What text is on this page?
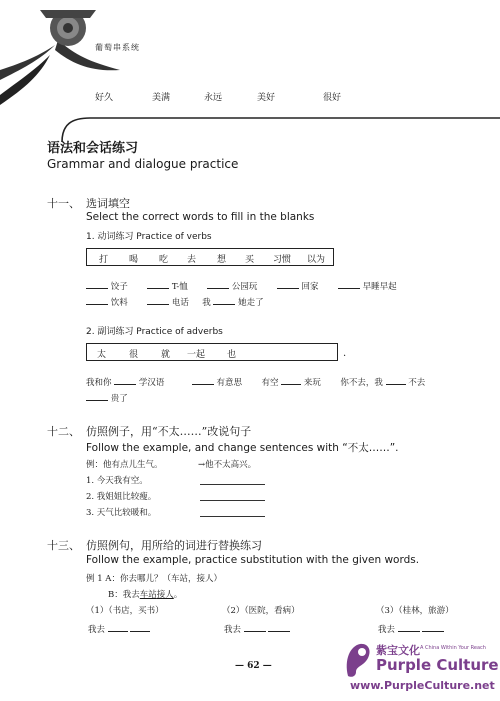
葡萄串系统
好久	美满	永远	美好	很好
语法和会话练习
Grammar and dialogue practice
十一、 选词填空
Select the correct words to fill in the blanks
1. 动词练习 Practice of verbs
打 喝 吃 去 想 买 习惯 以为
饺子	T-恤	公园玩	回家	早睡早起
饮料	电话 我	她走了
2. 副词练习 Practice of adverbs
太	很	就 一起 也	.
我和你	学汉语	有意思 有空	来玩 你不去，我	不去
贵了
十二、 仿照例子，用“不太……”改说句子
Follow the example, and change sentences with “不太……”.
例：他有点儿生气。	→他不太高兴。
1. 今天我有空。
2. 我姐姐比较瘦。
3. 天气比较暖和。
十三、 仿照例句，用所给的词进行替换练习
Follow the example, practice substitution with the given words.
例 1 A：你去哪儿？（车站，接人）
B：我去车站接人。
（1）（书店，买书）	（2）（医院，看病）	（3）（桂林，旅游）
我去	我去	我去
— 62 —
紫宝文化 A China Within Your Reach
Purple Culture
www.PurpleCulture.net
